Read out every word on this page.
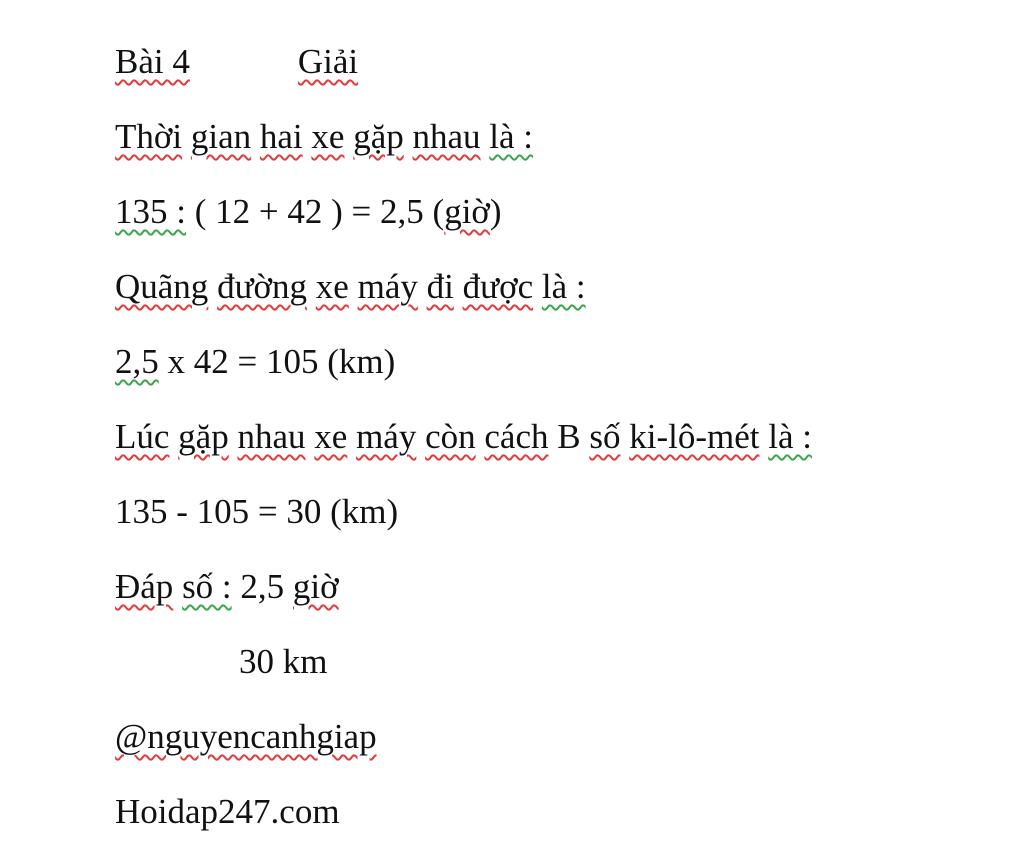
Bài 4	Giải
Thời gian hai xe gặp nhau là :
135 : ( 12 + 42 ) = 2,5 (giờ)
Quãng đường xe máy đi được là :
2,5 x 42 = 105 (km)
Lúc gặp nhau xe máy còn cách B số ki-lô-mét là :
135 - 105 = 30 (km)
Đáp số : 2,5 giờ
30 km
@nguyencanhgiap
Hoidap247.com
